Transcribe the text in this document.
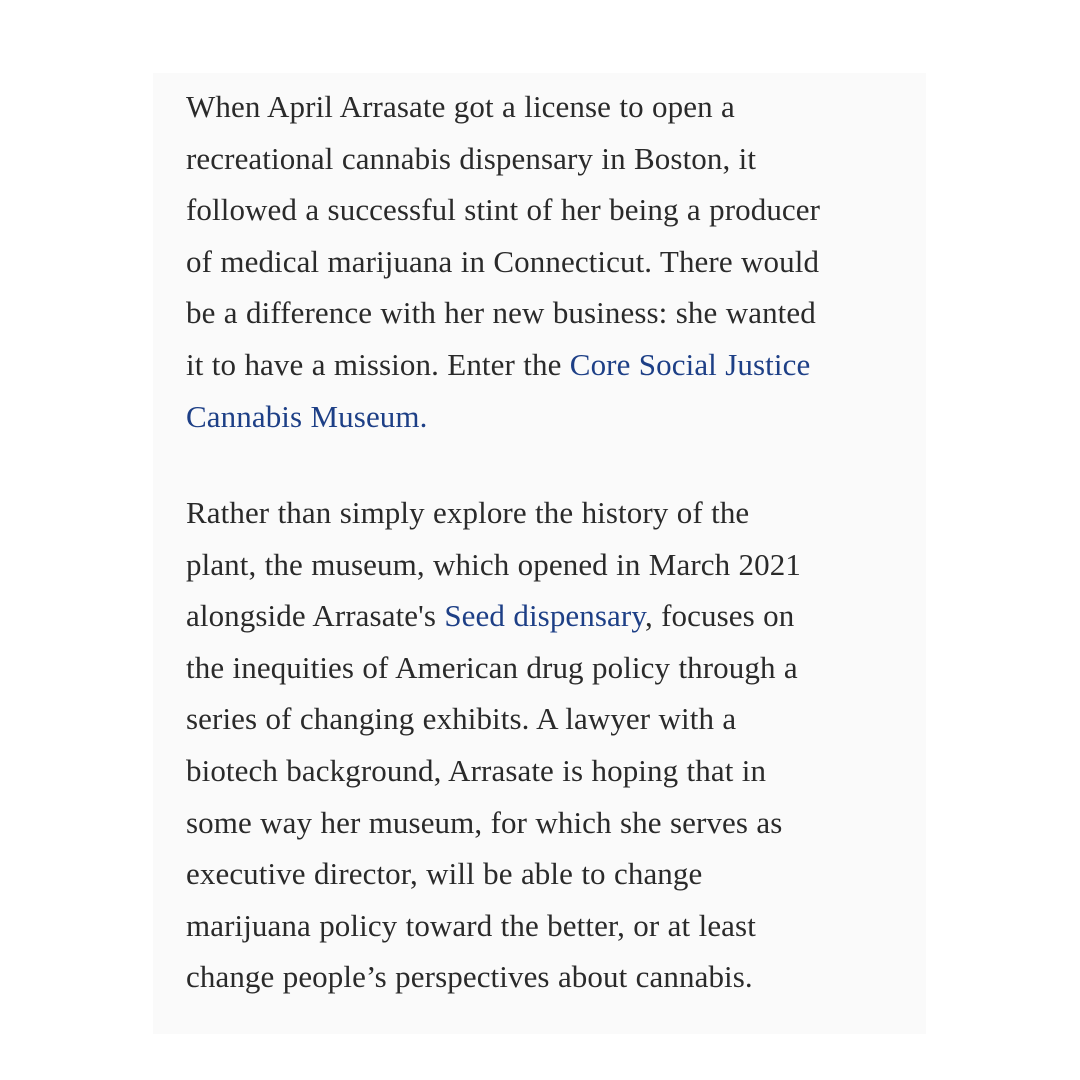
When April Arrasate got a license to open a
recreational cannabis dispensary in Boston, it
followed a successful stint of her being a producer
of medical marijuana in Connecticut. There would
be a difference with her new business: she wanted
it to have a mission. Enter the Core Social Justice
Cannabis Museum.

Rather than simply explore the history of the
plant, the museum, which opened in March 2021
alongside Arrasate's Seed dispensary, focuses on
the inequities of American drug policy through a
series of changing exhibits. A lawyer with a
biotech background, Arrasate is hoping that in
some way her museum, for which she serves as
executive director, will be able to change
marijuana policy toward the better, or at least
change people’s perspectives about cannabis.
